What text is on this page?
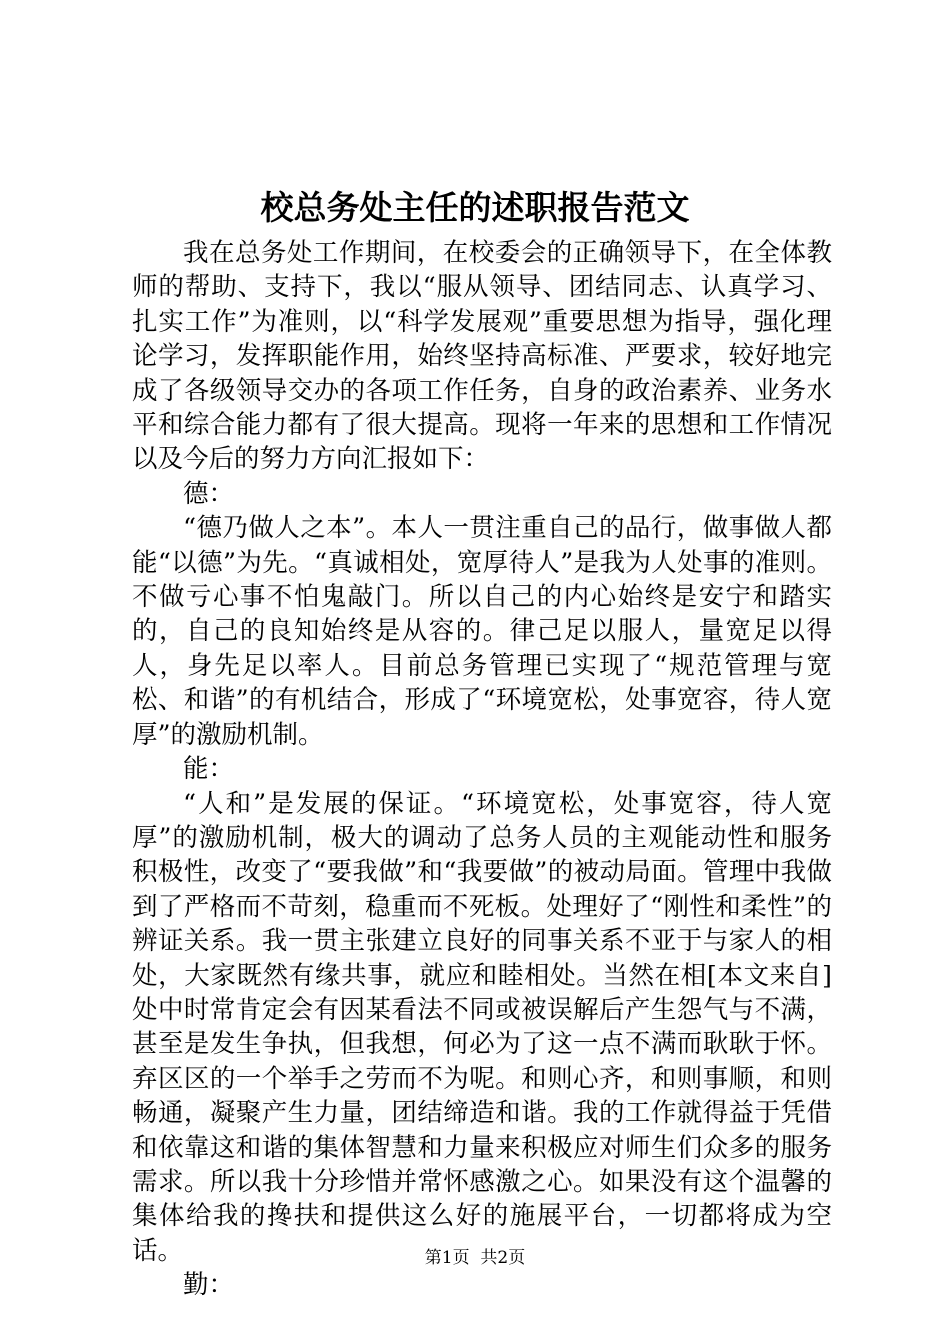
校总务处主任的述职报告范文

我在总务处工作期间，在校委会的正确领导下，在全体教师的帮助、支持下，我以“服从领导、团结同志、认真学习、扎实工作”为准则，以“科学发展观”重要思想为指导，强化理论学习，发挥职能作用，始终坚持高标准、严要求，较好地完成了各级领导交办的各项工作任务，自身的政治素养、业务水平和综合能力都有了很大提高。现将一年来的思想和工作情况以及今后的努力方向汇报如下：

德：

“德乃做人之本”。本人一贯注重自己的品行，做事做人都能“以德”为先。“真诚相处，宽厚待人”是我为人处事的准则。不做亏心事不怕鬼敲门。所以自己的内心始终是安宁和踏实的，自己的良知始终是从容的。律己足以服人，量宽足以得人，身先足以率人。目前总务管理已实现了“规范管理与宽松、和谐”的有机结合，形成了“环境宽松，处事宽容，待人宽厚”的激励机制。

能：

“人和”是发展的保证。“环境宽松，处事宽容，待人宽厚”的激励机制，极大的调动了总务人员的主观能动性和服务积极性，改变了“要我做”和“我要做”的被动局面。管理中我做到了严格而不苛刻，稳重而不死板。处理好了“刚性和柔性”的辨证关系。我一贯主张建立良好的同事关系不亚于与家人的相处，大家既然有缘共事，就应和睦相处。当然在相[本文来自]处中时常肯定会有因某看法不同或被误解后产生怨气与不满，甚至是发生争执，但我想，何必为了这一点不满而耿耿于怀。弃区区的一个举手之劳而不为呢。和则心齐，和则事顺，和则畅通，凝聚产生力量，团结缔造和谐。我的工作就得益于凭借和依靠这和谐的集体智慧和力量来积极应对师生们众多的服务需求。所以我十分珍惜并常怀感激之心。如果没有这个温馨的集体给我的搀扶和提供这么好的施展平台，一切都将成为空话。

勤：

第1页  共2页
